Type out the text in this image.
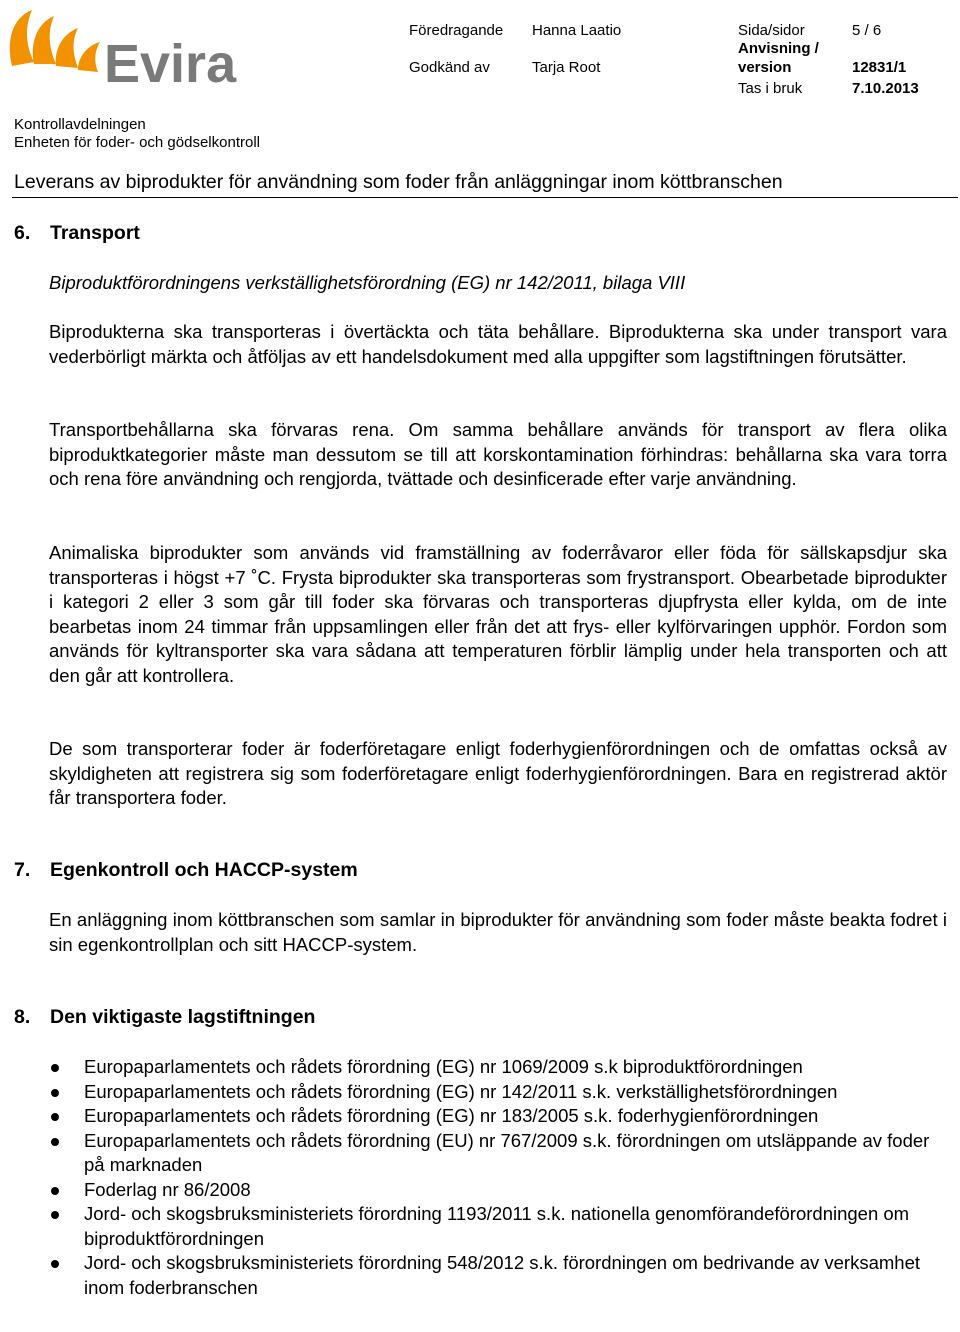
Evira
Föredragande Hanna Laatio	Sida/sidor	5 / 6
Godkänd av	Tarja Root
Anvisning /
version	12831/1
Tas i bruk	7.10.2013
Kontrollavdelningen
Enheten för foder- och gödselkontroll
Leverans av biprodukter för användning som foder från anläggningar inom köttbranschen
6. Transport

Biproduktförordningens verkställighetsförordning (EG) nr 142/2011, bilaga VIII

Biprodukterna ska transporteras i övertäckta och täta behållare. Biprodukterna ska under transport vara vederbörligt märkta och åtföljas av ett handelsdokument med alla uppgifter som lagstiftningen förutsätter.

Transportbehållarna ska förvaras rena. Om samma behållare används för transport av flera olika biproduktkategorier måste man dessutom se till att korskontamination förhindras: behållarna ska vara torra och rena före användning och rengjorda, tvättade och desinficerade efter varje användning.

Animaliska biprodukter som används vid framställning av foderråvaror eller föda för sällskapsdjur ska transporteras i högst +7 ˚C. Frysta biprodukter ska transporteras som frystransport. Obearbetade biprodukter i kategori 2 eller 3 som går till foder ska förvaras och transporteras djupfrysta eller kylda, om de inte bearbetas inom 24 timmar från uppsamlingen eller från det att frys- eller kylförvaringen upphör. Fordon som används för kyltransporter ska vara sådana att temperaturen förblir lämplig under hela transporten och att den går att kontrollera.

De som transporterar foder är foderföretagare enligt foderhygienförordningen och de omfattas också av skyldigheten att registrera sig som foderföretagare enligt foderhygienförordningen. Bara en registrerad aktör får transportera foder.

7. Egenkontroll och HACCP-system

En anläggning inom köttbranschen som samlar in biprodukter för användning som foder måste beakta fodret i sin egenkontrollplan och sitt HACCP-system.

8. Den viktigaste lagstiftningen
Europaparlamentets och rådets förordning (EG) nr 1069/2009 s.k biproduktförordningen
Europaparlamentets och rådets förordning (EG) nr 142/2011 s.k. verkställighetsförordningen
Europaparlamentets och rådets förordning (EG) nr 183/2005 s.k. foderhygienförordningen
Europaparlamentets och rådets förordning (EU) nr 767/2009 s.k. förordningen om utsläppande av foder på marknaden
Foderlag nr 86/2008
Jord- och skogsbruksministeriets förordning 1193/2011 s.k. nationella genomförandeförordningen om biproduktförordningen
Jord- och skogsbruksministeriets förordning 548/2012 s.k. förordningen om bedrivande av verksamhet inom foderbranschen
